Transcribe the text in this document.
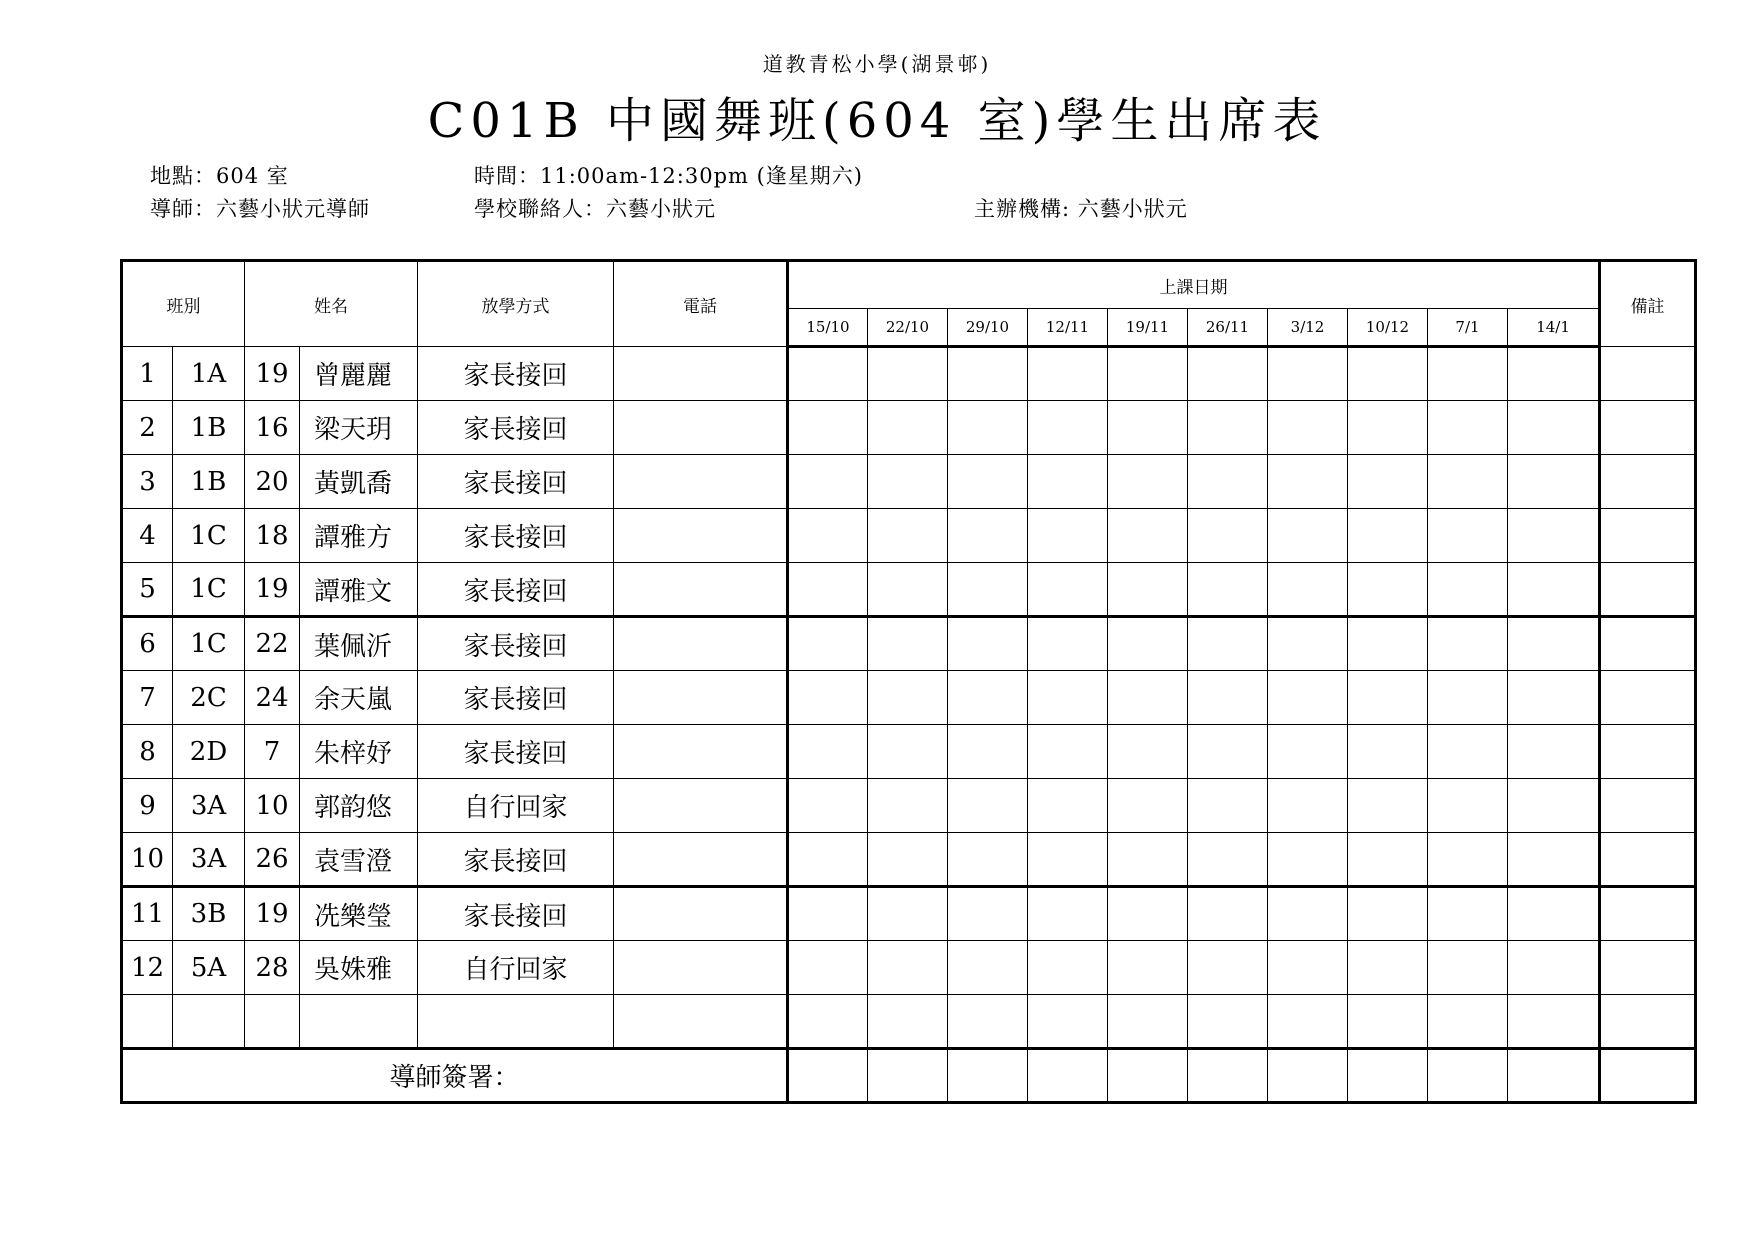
道教青松小學(湖景邨)
C01B 中國舞班(604 室)學生出席表
地點：604 室	時間：11:00am-12:30pm (逢星期六)
導師：六藝小狀元導師	學校聯絡人：六藝小狀元	主辦機構: 六藝小狀元
班別		姓名		放學方式	電話	上課日期										備註
						15/10	22/10	29/10	12/11	19/11	26/11	3/12	10/12	7/1	14/1	
1	1A	19	曾麗麗	家長接回												
2	1B	16	梁天玥	家長接回												
3	1B	20	黃凱喬	家長接回												
4	1C	18	譚雅方	家長接回												
5	1C	19	譚雅文	家長接回												
6	1C	22	葉佩沂	家長接回												
7	2C	24	余天嵐	家長接回												
8	2D	7	朱梓妤	家長接回												
9	3A	10	郭韵悠	自行回家												
10	3A	26	袁雪澄	家長接回												
11	3B	19	冼樂瑩	家長接回												
12	5A	28	吳姝雅	自行回家												

導師簽署：																
